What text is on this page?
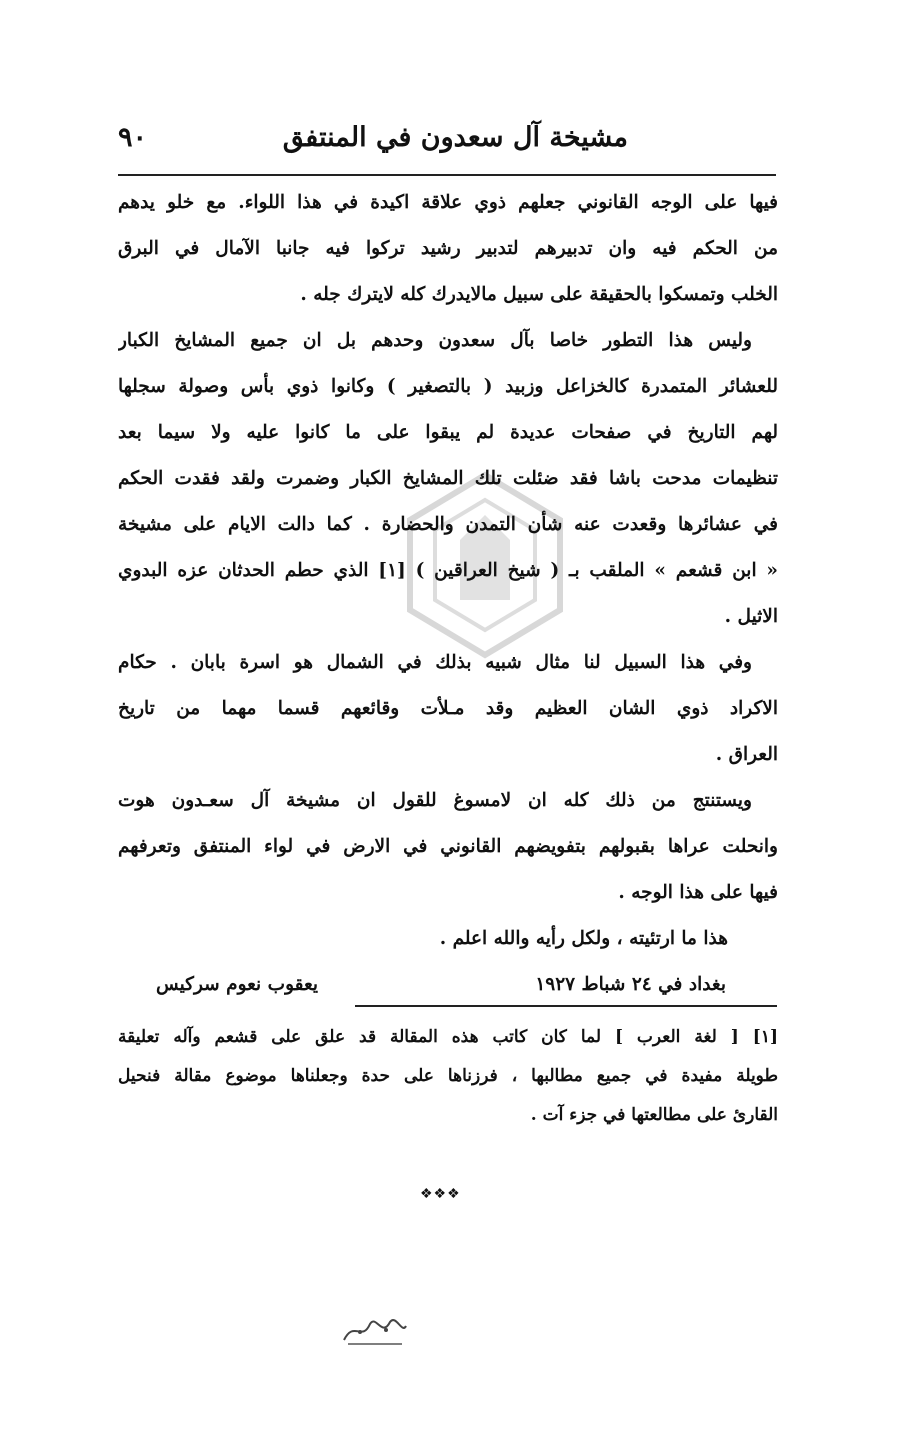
٩٠	مشيخة آل سعدون في المنتفق
فيها على الوجه القانوني جعلهم ذوي علاقة اكيدة في هذا اللواء. مع خلو يدهم
من الحكم فيه وان تدبيرهم لتدبير رشيد تركوا فيه جانبا الآمال في البرق
الخلب وتمسكوا بالحقيقة على سبيل مالايدرك كله لايترك جله .
وليس هذا التطور خاصا بآل سعدون وحدهم بل ان جميع المشايخ الكبار
للعشائر المتمدرة كالخزاعل وزبيد ( بالتصغير ) وكانوا ذوي بأس وصولة سجلها
لهم التاريخ في صفحات عديدة لم يبقوا على ما كانوا عليه ولا سيما بعد
تنظيمات مدحت باشا فقد ضئلت تلك المشايخ الكبار وضمرت ولقد فقدت الحكم
في عشائرها وقعدت عنه شأن التمدن والحضارة . كما دالت الايام على مشيخة
« ابن قشعم » الملقب بـ ( شيخ العراقين ) [١] الذي حطم الحدثان عزه البدوي
الاثيل .
وفي هذا السبيل لنا مثال شبيه بذلك في الشمال هو اسرة بابان . حكام
الاكراد ذوي الشان العظيم وقد مـلأت وقائعهم قسما مهما من تاريخ
العراق .
ويستنتج من ذلك كله ان لامسوغ للقول ان مشيخة آل سعـدون هوت
وانحلت عراها بقبولهم بتفويضهم القانوني في الارض في لواء المنتفق وتعرفهم
فيها على هذا الوجه .
هذا ما ارتئيته ، ولكل رأيه والله اعلم .
بغداد في ٢٤ شباط ١٩٢٧
يعقوب نعوم سركيس
[١] [ لغة العرب ] لما كان كاتب هذه المقالة قد علق على قشعم وآله تعليقة
طويلة مفيدة في جميع مطالبها ، فرزناها على حدة وجعلناها موضوع مقالة فنحيل
القارئ على مطالعتها في جزء آت .
❖❖❖
